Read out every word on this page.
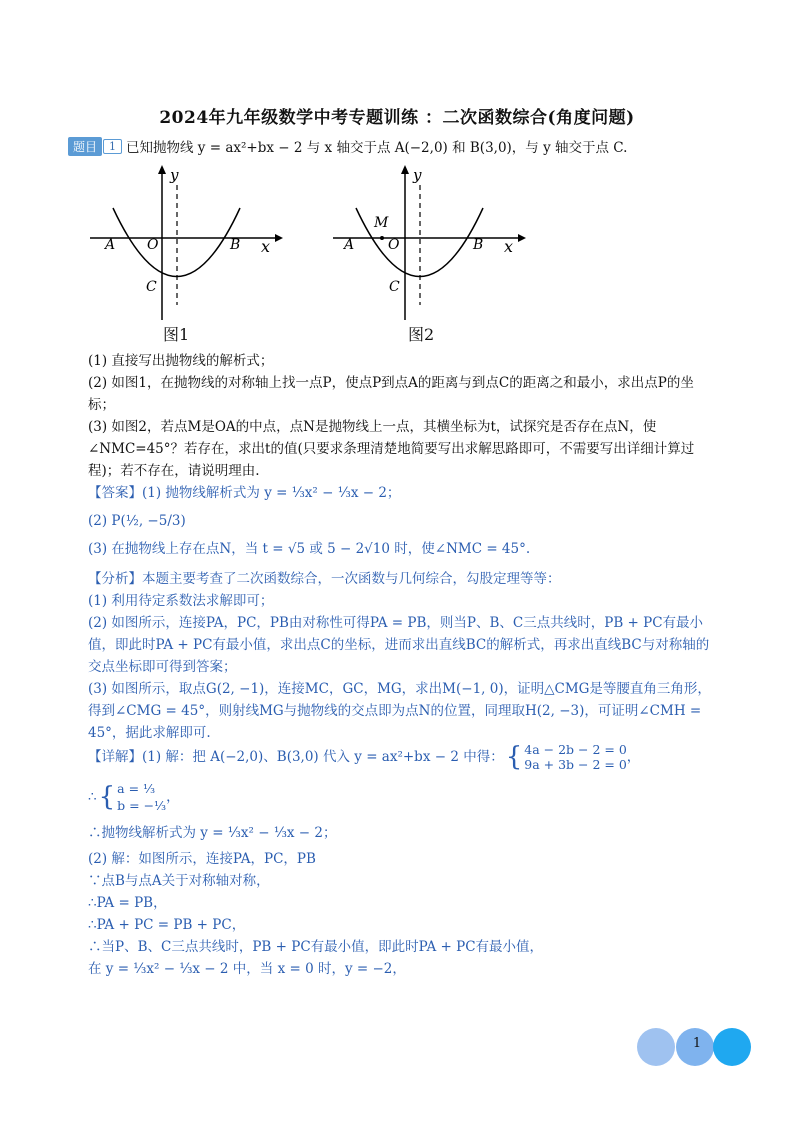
2024年九年级数学中考专题训练 ：二次函数综合(角度问题)
题目	1 已知抛物线 y = ax²+bx − 2 与 x 轴交于点 A(−2,0) 和 B(3,0)，与 y 轴交于点 C.
y
x
A O	B
C
图1
y
x
M
A O	B
C
图2

(1) 直接写出抛物线的解析式；

(2) 如图1，在抛物线的对称轴上找一点P，使点P到点A的距离与到点C的距离之和最小，求出点P的坐标；

(3) 如图2，若点M是OA的中点，点N是抛物线上一点，其横坐标为t，试探究是否存在点N，使∠NMC=45°？若存在，求出t的值(只要求条理清楚地简要写出求解思路即可，不需要写出详细计算过程)；若不存在，请说明理由.

【答案】(1) 抛物线解析式为 y = ⅓x² − ⅓x − 2；

(2) P(½, −5/3)

(3) 在抛物线上存在点N，当 t = √5 或 5 − 2√10 时，使∠NMC = 45°.

【分析】本题主要考查了二次函数综合，一次函数与几何综合，勾股定理等等：

(1) 利用待定系数法求解即可；

(2) 如图所示，连接PA，PC，PB由对称性可得PA = PB，则当P、B、C三点共线时，PB + PC有最小值，即此时PA + PC有最小值，求出点C的坐标，进而求出直线BC的解析式，再求出直线BC与对称轴的交点坐标即可得到答案；

(3) 如图所示，取点G(2, −1)，连接MC，GC，MG，求出M(−1, 0)，证明△CMG是等腰直角三角形，得到∠CMG = 45°，则射线MG与抛物线的交点即为点N的位置，同理取H(2, −3)，可证明∠CMH = 45°，据此求解即可.

【详解】 (1) 解：把 A(−2,0)、B(3,0) 代入 y = ax²+bx − 2 中得： { 4a − 2b − 2 = 0
9a + 3b − 2 = 0 ，
∴ { a = ⅓
b = −⅓
，

∴抛物线解析式为 y = ⅓x² − ⅓x − 2；

(2) 解：如图所示，连接PA，PC，PB

∵点B与点A关于对称轴对称，

∴PA = PB，

∴PA + PC = PB + PC，

∴当P、B、C三点共线时，PB + PC有最小值，即此时PA + PC有最小值，

在 y = ⅓x² − ⅓x − 2 中，当 x = 0 时，y = −2，

1
